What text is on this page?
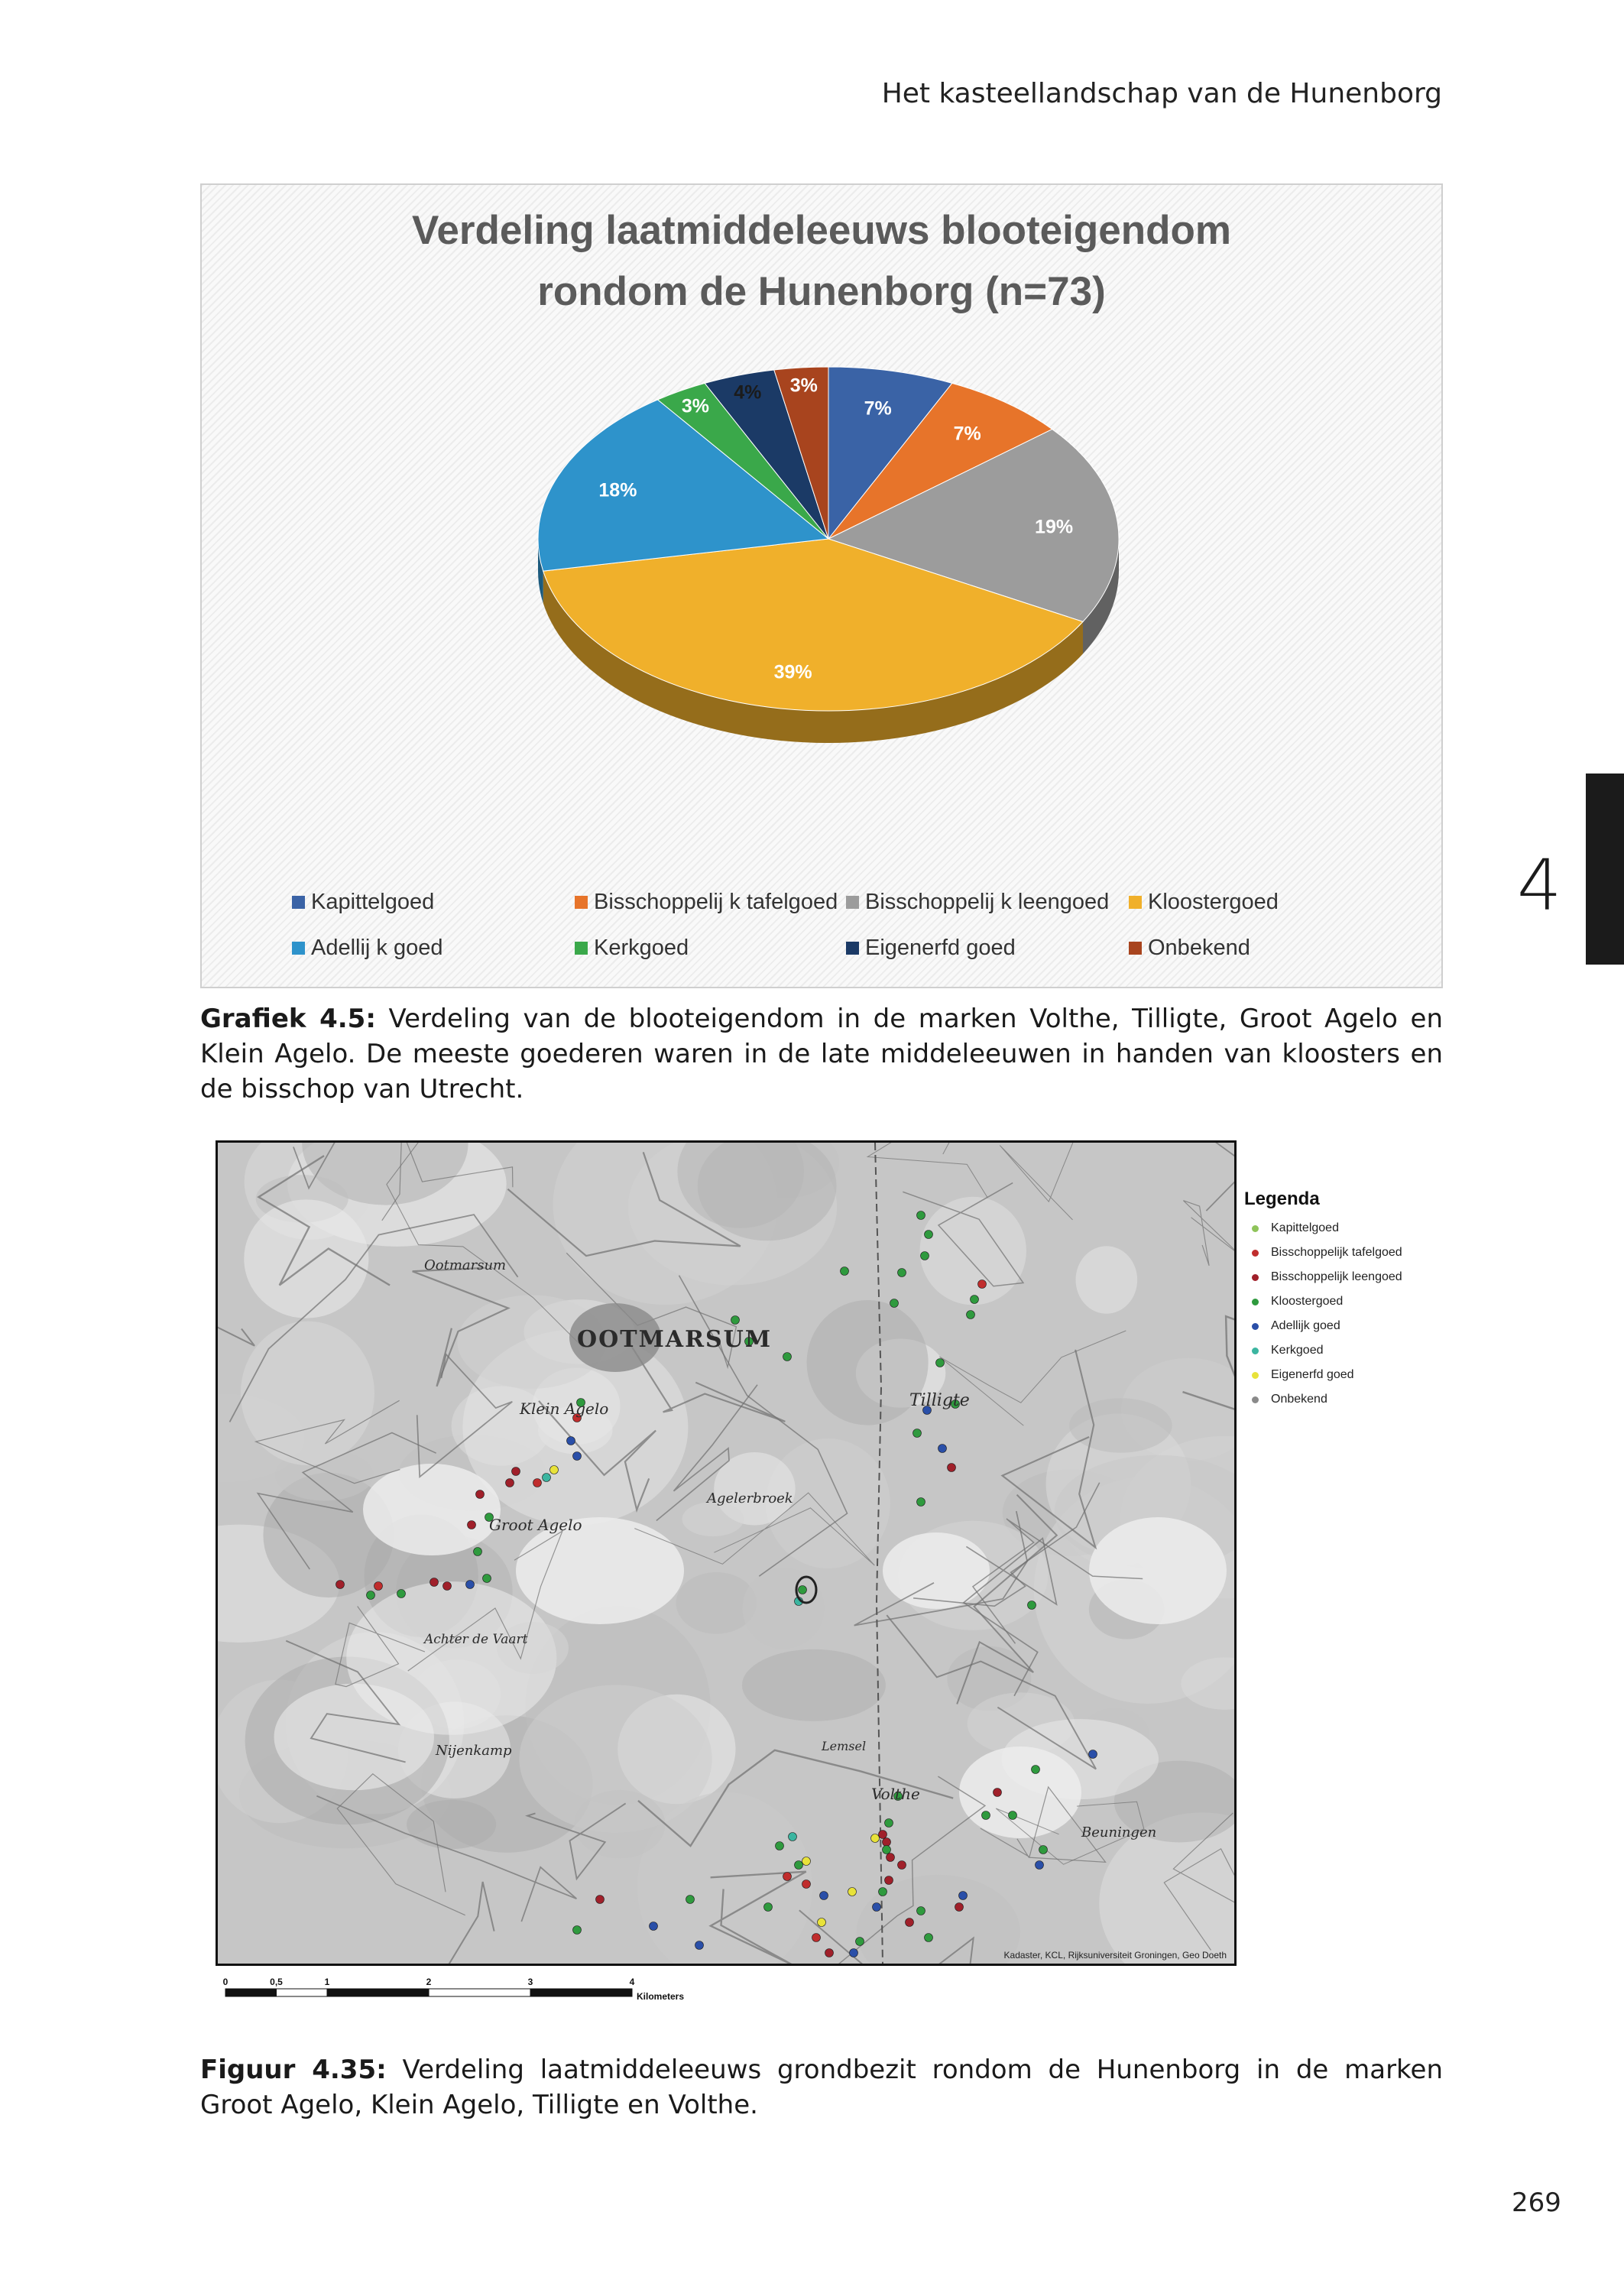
Het kasteellandschap van de Hunenborg
4
Verdeling laatmiddeleeuws blooteigendom
rondom de Hunenborg (n=73)
7%
7%
19%
39%
18%
3%
4% 3%
Kapittelgoed	Bisschoppelij k tafelgoed Bisschoppelij k leengoed Kloostergoed
Adellij k goed	Kerkgoed	Eigenerfd goed	Onbekend
Grafiek 4.5: Verdeling van de blooteigendom in de marken Volthe, Tilligte, Groot Agelo en Klein Agelo. De meeste goederen waren in de late middeleeuwen in handen van kloosters en de bisschop van Utrecht.
OOTMARSUM
Tilligte
Klein Agelo
Groot Agelo
Volthe
Agelerbroek
Lemsel
Beuningen
Nijenkamp
Achter de Vaart
Ootmarsum
Kadaster, KCL, Rijksuniversiteit Groningen, Geo Doeth
Legenda
Kapittelgoed
Bisschoppelijk tafelgoed
Bisschoppelijk leengoed
Kloostergoed
Adellijk goed
Kerkgoed
Eigenerfd goed
Onbekend
0	0,5	1	2	3	4
Kilometers
Figuur 4.35: Verdeling laatmiddeleeuws grondbezit rondom de Hunenborg in de marken Groot Agelo, Klein Agelo, Tilligte en Volthe.
269
